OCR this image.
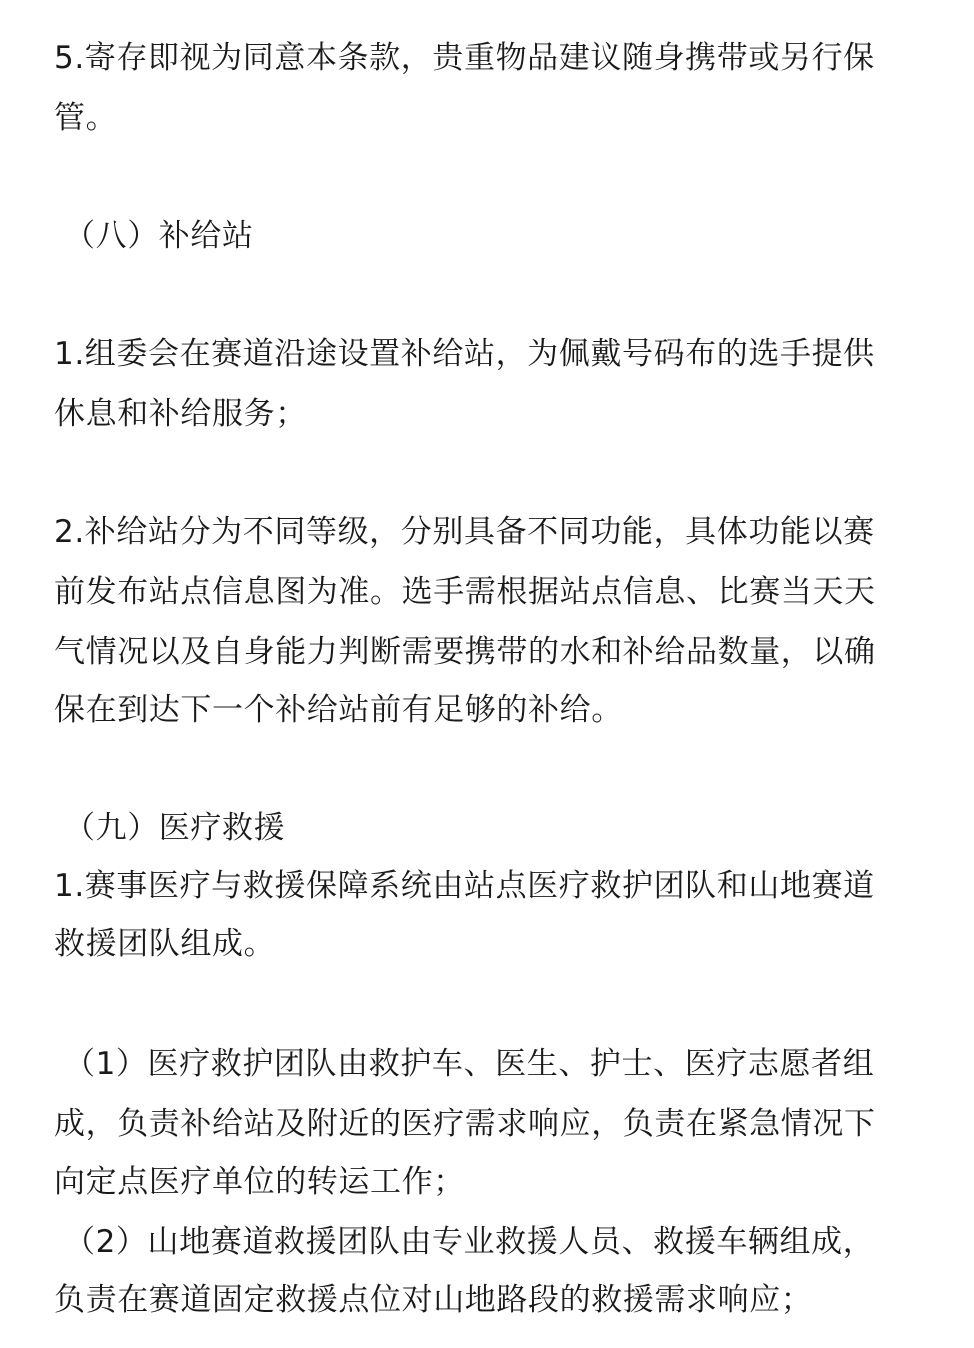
5.寄存即视为同意本条款，贵重物品建议随身携带或另行保
管。
（八）补给站
1.组委会在赛道沿途设置补给站，为佩戴号码布的选手提供
休息和补给服务；
2.补给站分为不同等级，分别具备不同功能，具体功能以赛
前发布站点信息图为准。选手需根据站点信息、比赛当天天
气情况以及自身能力判断需要携带的水和补给品数量，以确
保在到达下一个补给站前有足够的补给。
（九）医疗救援
1.赛事医疗与救援保障系统由站点医疗救护团队和山地赛道
救援团队组成。
（1）医疗救护团队由救护车、医生、护士、医疗志愿者组
成，负责补给站及附近的医疗需求响应，负责在紧急情况下
向定点医疗单位的转运工作；
（2）山地赛道救援团队由专业救援人员、救援车辆组成，
负责在赛道固定救援点位对山地路段的救援需求响应；
